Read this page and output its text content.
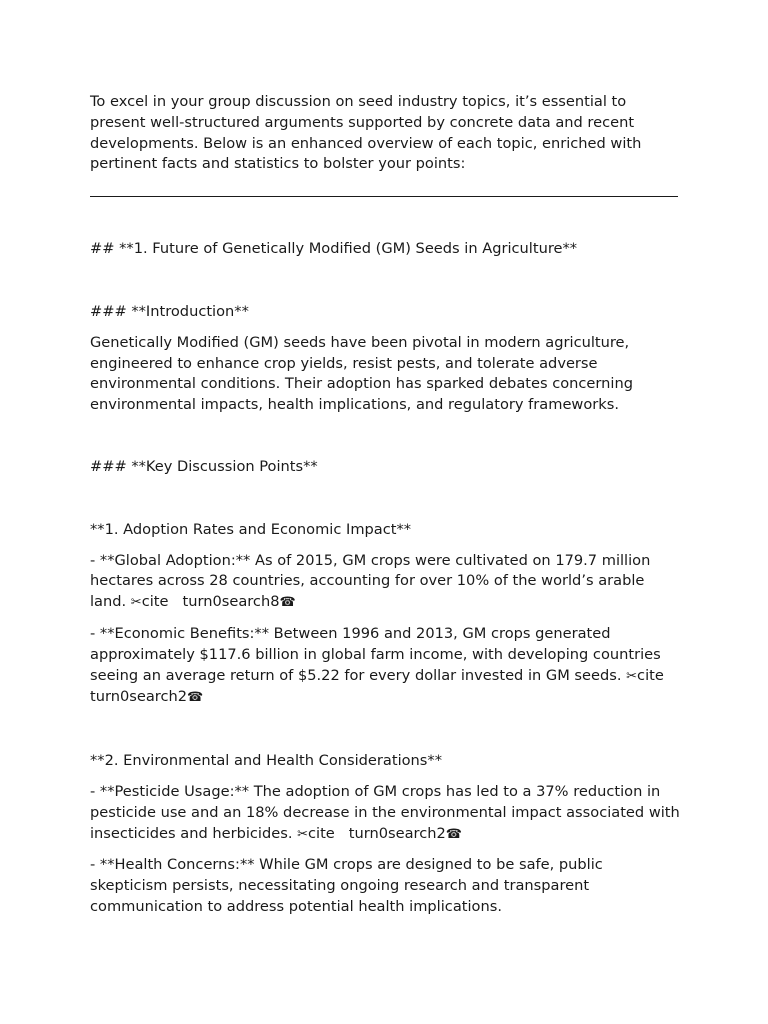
To excel in your group discussion on seed industry topics, it’s essential to present well-structured arguments supported by concrete data and recent developments. Below is an enhanced overview of each topic, enriched with pertinent facts and statistics to bolster your points:

## **1. Future of Genetically Modified (GM) Seeds in Agriculture**

### **Introduction**

Genetically Modified (GM) seeds have been pivotal in modern agriculture, engineered to enhance crop yields, resist pests, and tolerate adverse environmental conditions. Their adoption has sparked debates concerning environmental impacts, health implications, and regulatory frameworks.

### **Key Discussion Points**

**1. Adoption Rates and Economic Impact**

- **Global Adoption:** As of 2015, GM crops were cultivated on 179.7 million hectares across 28 countries, accounting for over 10% of the world’s arable land. ✂cite turn0search8☎

- **Economic Benefits:** Between 1996 and 2013, GM crops generated approximately $117.6 billion in global farm income, with developing countries seeing an average return of $5.22 for every dollar invested in GM seeds. ✂citeturn0search2☎

**2. Environmental and Health Considerations**

- **Pesticide Usage:** The adoption of GM crops has led to a 37% reduction in pesticide use and an 18% decrease in the environmental impact associated with insecticides and herbicides. ✂cite turn0search2☎

- **Health Concerns:** While GM crops are designed to be safe, public skepticism persists, necessitating ongoing research and transparent communication to address potential health implications.
